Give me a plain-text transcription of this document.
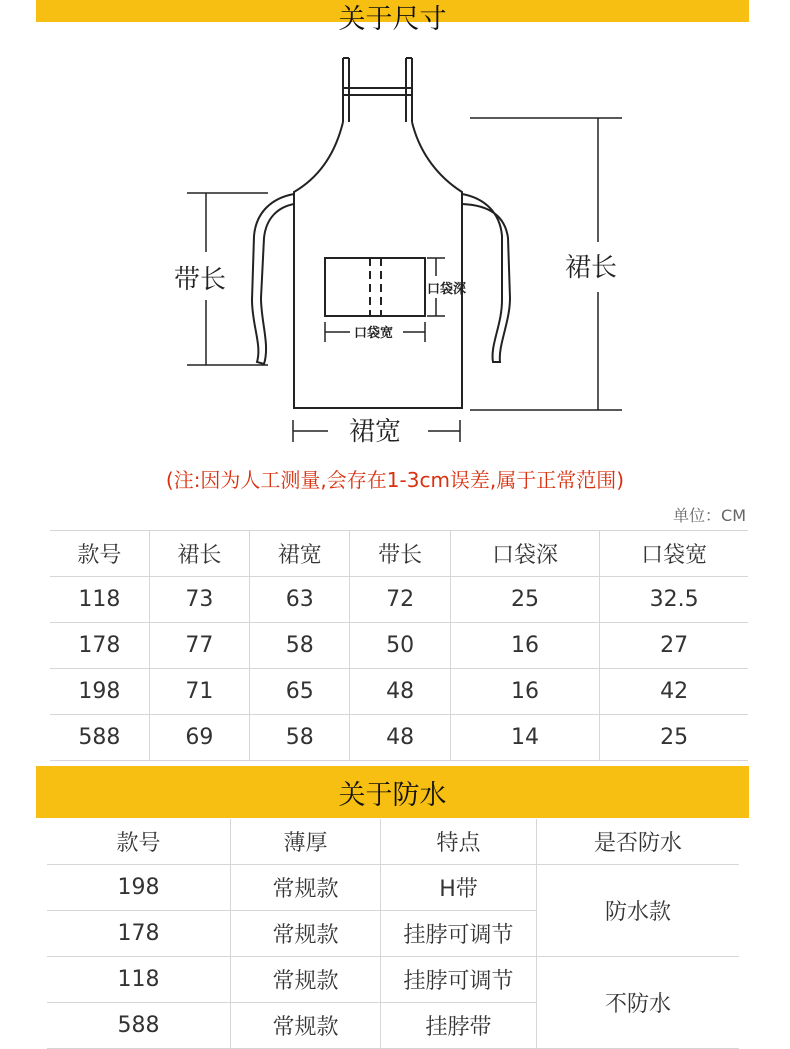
关于尺寸
带长	裙长
裙宽
口袋深
口袋宽
(注:因为人工测量,会存在1-3cm误差,属于正常范围)
单位：CM
款号	裙长	裙宽	带长	口袋深	口袋宽
118	73	63	72	25	32.5
178	77	58	50	16	27
198	71	65	48	16	42
588	69	58	48	14	25
关于防水
款号	薄厚	特点	是否防水
198	常规款	H带	防水款
178	常规款	挂脖可调节	
118	常规款	挂脖可调节	不防水
588	常规款	挂脖带	
